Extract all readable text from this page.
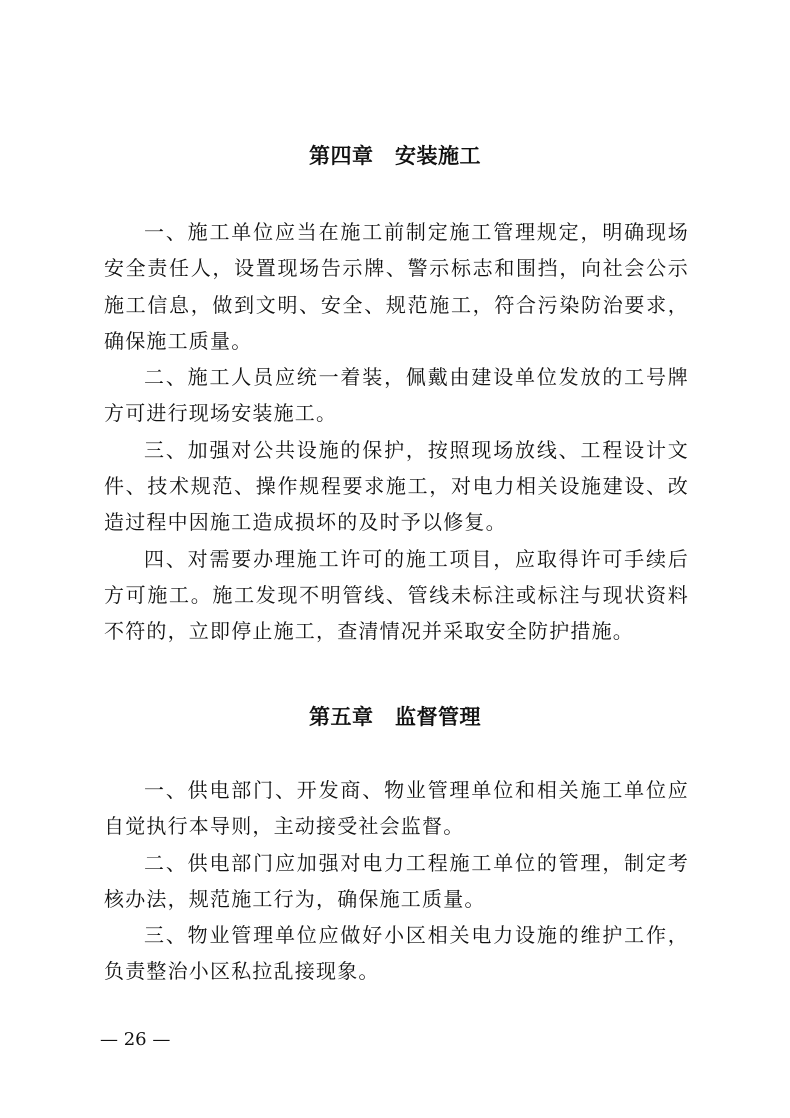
第四章　安装施工

一、施工单位应当在施工前制定施工管理规定，明确现场安全责任人，设置现场告示牌、警示标志和围挡，向社会公示施工信息，做到文明、安全、规范施工，符合污染防治要求，确保施工质量。

二、施工人员应统一着装，佩戴由建设单位发放的工号牌方可进行现场安装施工。

三、加强对公共设施的保护，按照现场放线、工程设计文件、技术规范、操作规程要求施工，对电力相关设施建设、改造过程中因施工造成损坏的及时予以修复。

四、对需要办理施工许可的施工项目，应取得许可手续后方可施工。施工发现不明管线、管线未标注或标注与现状资料不符的，立即停止施工，查清情况并采取安全防护措施。

第五章　监督管理

一、供电部门、开发商、物业管理单位和相关施工单位应自觉执行本导则，主动接受社会监督。

二、供电部门应加强对电力工程施工单位的管理，制定考核办法，规范施工行为，确保施工质量。

三、物业管理单位应做好小区相关电力设施的维护工作，负责整治小区私拉乱接现象。

— 26 —
